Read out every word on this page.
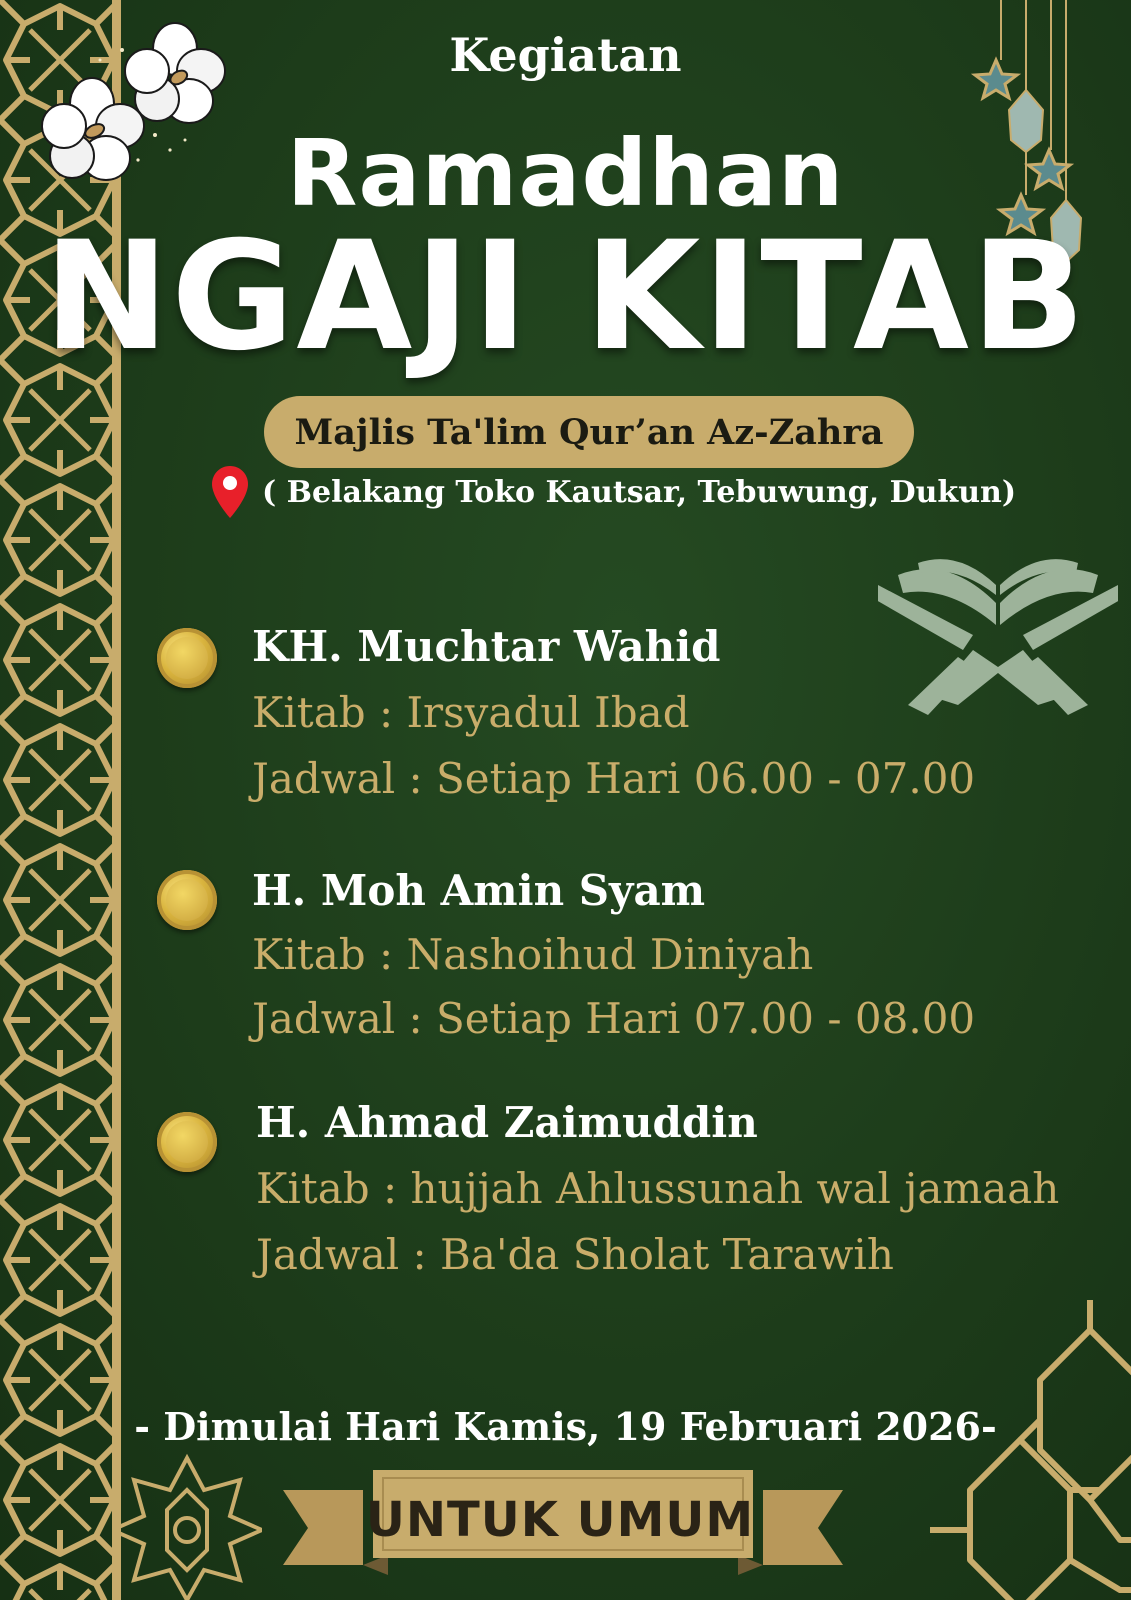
Kegiatan

Ramadhan

NGAJI KITAB

Majlis Ta'lim Qur’an Az-Zahra

( Belakang Toko Kautsar, Tebuwung, Dukun)

KH. Muchtar Wahid

Kitab : Irsyadul Ibad

Jadwal : Setiap Hari 06.00 - 07.00

H. Moh Amin Syam

Kitab : Nashoihud Diniyah

Jadwal : Setiap Hari 07.00 - 08.00

H. Ahmad Zaimuddin

Kitab : hujjah Ahlussunah wal jamaah

Jadwal : Ba'da Sholat Tarawih

- Dimulai Hari Kamis, 19 Februari 2026-

UNTUK UMUM
